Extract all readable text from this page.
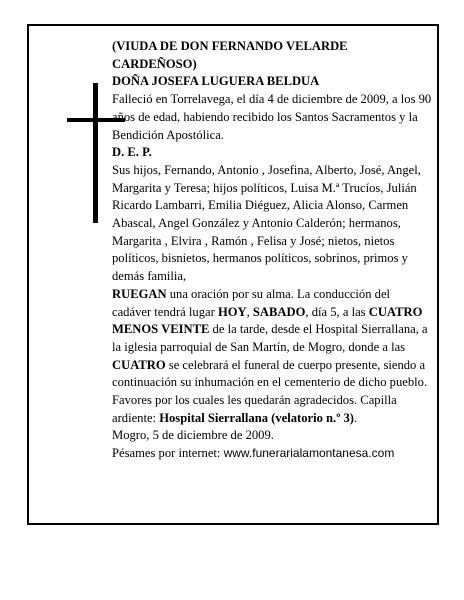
(VIUDA DE DON FERNANDO VELARDE CARDEÑOSO)

DOÑA JOSEFA LUGUERA BELDUA

Falleció en Torrelavega, el día 4 de diciembre de 2009, a los 90 años de edad, habiendo recibido los Santos Sacramentos y la Bendición Apostólica.

D. E. P.

Sus hijos, Fernando, Antonio , Josefina, Alberto, José, Angel, Margarita y Teresa; hijos políticos, Luisa M.ª Trucíos, Julián Ricardo Lambarri, Emilia Diéguez, Alicia Alonso, Carmen Abascal, Angel González y Antonio Calderón; hermanos, Margarita , Elvira , Ramón , Felisa y José; nietos, nietos políticos, bisnietos, hermanos políticos, sobrinos, primos y demás familia,

RUEGAN una oración por su alma. La conducción del cadáver tendrá lugar HOY, SABADO, día 5, a las CUATRO MENOS VEINTE de la tarde, desde el Hospital Sierrallana, a la iglesia parroquial de San Martín, de Mogro, donde a las CUATRO se celebrará el funeral de cuerpo presente, siendo a continuación su inhumación en el cementerio de dicho pueblo. Favores por los cuales les quedarán agradecidos. Capilla ardiente: Hospital Sierrallana (velatorio n.º 3).

Mogro, 5 de diciembre de 2009.

Pésames por internet: www.funerarialamontanesa.com
